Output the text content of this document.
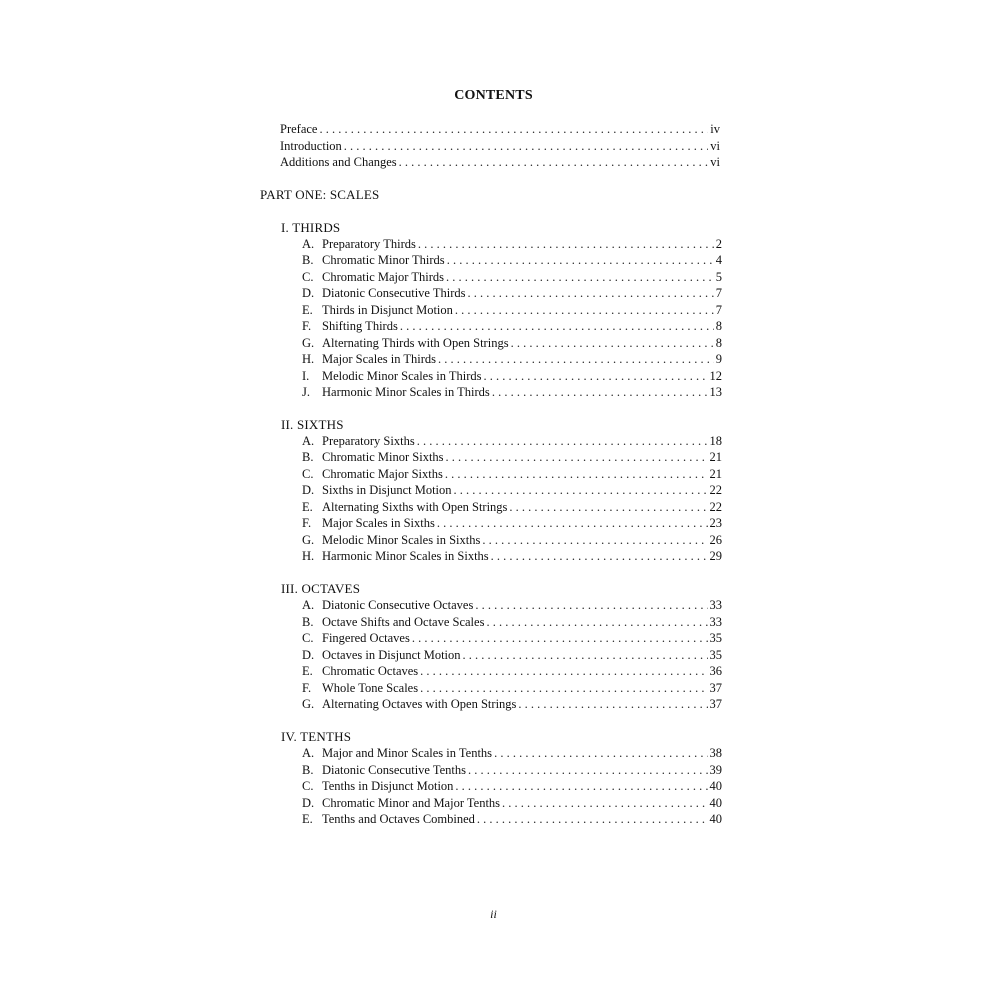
CONTENTS
Preface . . .	iv
Introduction . . .	vi
Additions and Changes . . .	vi
PART ONE: SCALES
I. THIRDS
A. Preparatory Thirds . . .	2
B. Chromatic Minor Thirds . . .	4
C. Chromatic Major Thirds . . .	5
D. Diatonic Consecutive Thirds . . .	7
E. Thirds in Disjunct Motion . . .	7
F. Shifting Thirds . . .	8
G. Alternating Thirds with Open Strings . . .	8
H. Major Scales in Thirds . . .	9
I.	Melodic Minor Scales in Thirds . . .	12
J. Harmonic Minor Scales in Thirds . . .	13
II. SIXTHS
A. Preparatory Sixths . . .	18
B. Chromatic Minor Sixths . . .	21
C. Chromatic Major Sixths . . .	21
D. Sixths in Disjunct Motion . . .	22
E. Alternating Sixths with Open Strings . . .	22
F. Major Scales in Sixths . . .	23
G. Melodic Minor Scales in Sixths . . .	26
H. Harmonic Minor Scales in Sixths . . .	29
III. OCTAVES
A. Diatonic Consecutive Octaves . . .	33
B. Octave Shifts and Octave Scales . . .	33
C. Fingered Octaves . . .	35
D. Octaves in Disjunct Motion . . .	35
E. Chromatic Octaves . . .	36
F. Whole Tone Scales . . .	37
G. Alternating Octaves with Open Strings . . .	37
IV. TENTHS
A. Major and Minor Scales in Tenths . . .	38
B. Diatonic Consecutive Tenths . . .	39
C. Tenths in Disjunct Motion . . .	40
D. Chromatic Minor and Major Tenths . . .	40
E. Tenths and Octaves Combined . . .	40
ii
